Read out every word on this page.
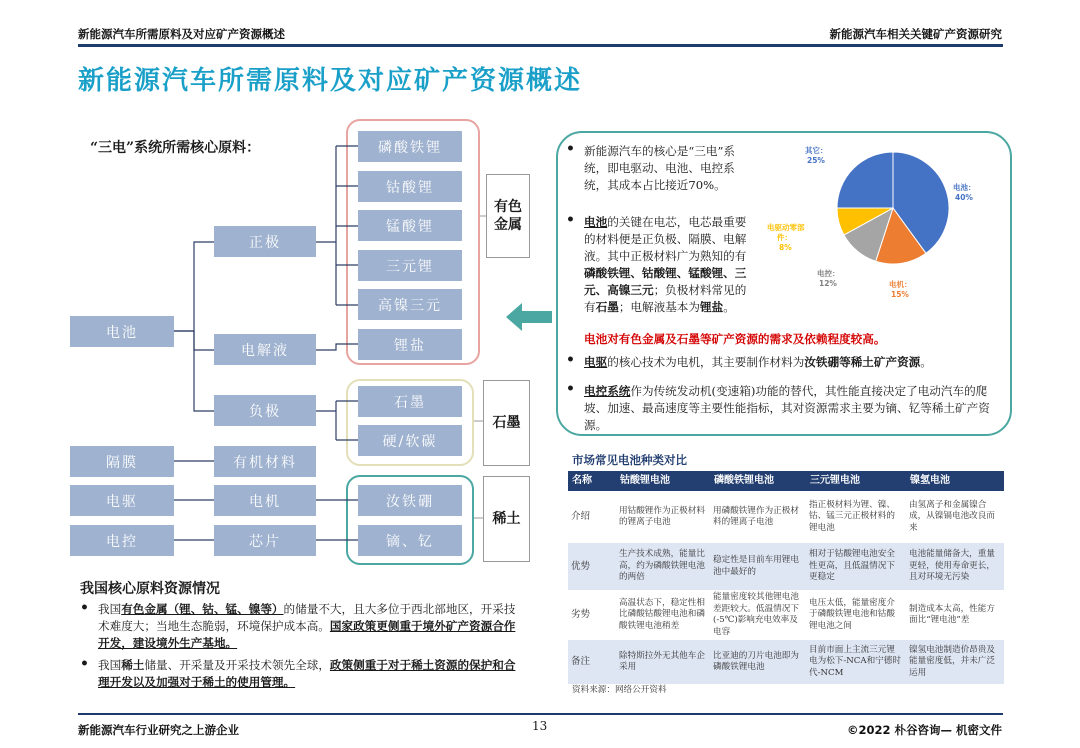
新能源汽车所需原料及对应矿产资源概述	新能源汽车相关关键矿产资源研究
新能源汽车所需原料及对应矿产资源概述
“三电”系统所需核心原料：
电池
正极
电解液
负极
隔膜	有机材料
电驱	电机
电控	芯片
磷酸铁锂
钴酸锂
锰酸锂
三元锂
高镍三元
锂盐
石墨
硬/软碳
汝铁硼
镝、钇
有色金属
石墨
稀土
我国核心原料资源情况
• 我国有色金属（锂、钴、锰、镍等）的储量不大，且大多位于西北部地区，开采技术难度大；当地生态脆弱，环境保护成本高。国家政策更侧重于境外矿产资源合作开发，建设境外生产基地。
• 我国稀土储量、开采量及开采技术领先全球，政策侧重于对于稀土资源的保护和合理开发以及加强对于稀土的使用管理。
• 新能源汽车的核心是“三电”系统，即电驱动、电池、电控系统，其成本占比接近70%。
• 电池的关键在电芯，电芯最重要的材料便是正负极、隔膜、电解液。其中正极材料广为熟知的有磷酸铁锂、钴酸锂、锰酸锂、三元、高镍三元；负极材料常见的有石墨；电解液基本为锂盐。
电池对有色金属及石墨等矿产资源的需求及依赖程度较高。
• 电驱的核心技术为电机，其主要制作材料为汝铁硼等稀土矿产资源。
• 电控系统作为传统发动机(变速箱)功能的替代，其性能直接决定了电动汽车的爬坡、加速、最高速度等主要性能指标，其对资源需求主要为镝、钇等稀土矿产资源。
电池： 40%
电机： 15%
电控： 12%
电驱动零部件： 8%
其它： 25%
市场常见电池种类对比
名称	钴酸锂电池	磷酸铁锂电池	三元锂电池	镍氢电池
介绍	用钴酸锂作为正极材料的锂离子电池	用磷酸铁锂作为正极材料的锂离子电池	指正极材料为锂、镍、钴、锰三元正极材料的锂电池	由氢离子和金属镍合成，从镍镉电池改良而来
优势	生产技术成熟，能量比高，约为磷酸铁锂电池的两倍	稳定性是目前车用锂电池中最好的	相对于钴酸锂电池安全性更高，且低温情况下更稳定	电池能量储备大，重量更轻，使用寿命更长，且对环境无污染
劣势	高温状态下，稳定性相比磷酸钴酸锂电池和磷酸铁锂电池稍差	能量密度较其他锂电池差距较大。低温情况下(-5℃)影响充电效率及电容	电压太低，能量密度介于磷酸铁锂电池和钴酸锂电池之间	制造成本太高，性能方面比“锂电池”差
备注	除特斯拉外无其他车企采用	比亚迪的刀片电池即为磷酸铁锂电池	目前市面上主流三元锂电为松下-NCA和宁德时代-NCM	镍氢电池制造价昂贵及能量密度低，并未广泛运用
资料来源：网络公开资料
新能源汽车行业研究之上游企业	13	©2022 朴谷咨询— 机密文件
